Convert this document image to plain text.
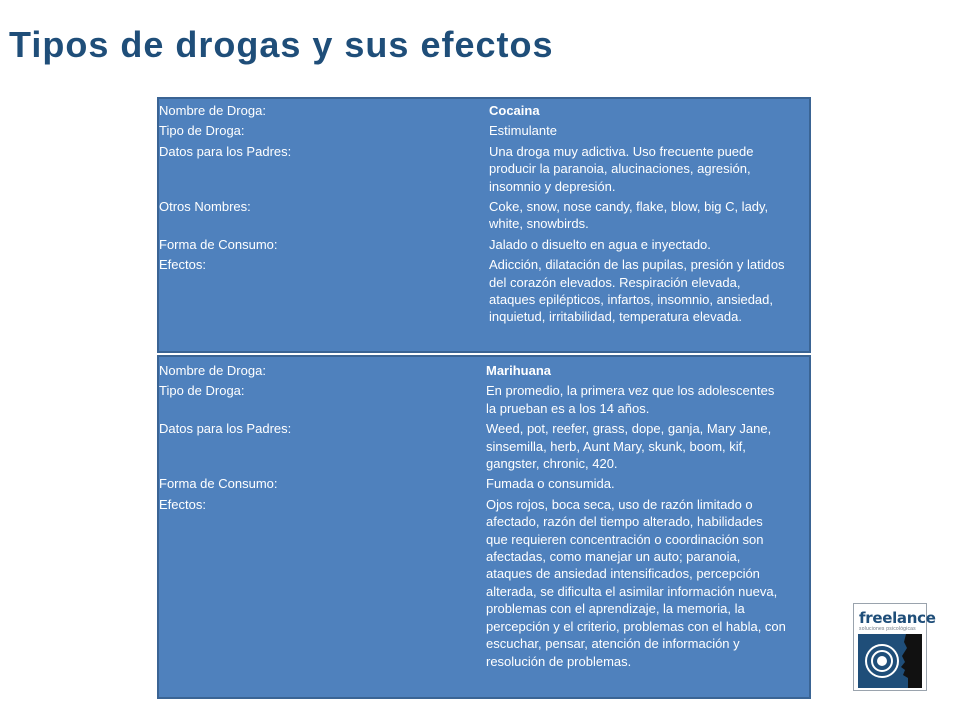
Tipos de drogas y sus efectos
Nombre de Droga:	Cocaina
Tipo de Droga:	Estimulante
Datos para los Padres:	Una droga muy adictiva. Uso frecuente puede producir la paranoia, alucinaciones, agresión, insomnio y depresión.
Otros Nombres:	Coke, snow, nose candy, flake, blow, big C, lady, white, snowbirds.
Forma de Consumo:	Jalado o disuelto en agua e inyectado.
Efectos:	Adicción, dilatación de las pupilas, presión y latidos del corazón elevados. Respiración elevada, ataques epilépticos, infartos, insomnio, ansiedad, inquietud, irritabilidad, temperatura elevada.
Nombre de Droga:	Marihuana
Tipo de Droga:	En promedio, la primera vez que los adolescentes la prueban es a los 14 años.
Datos para los Padres:	Weed, pot, reefer, grass, dope, ganja, Mary Jane, sinsemilla, herb, Aunt Mary, skunk, boom, kif, gangster, chronic, 420.
Forma de Consumo:	Fumada o consumida.
Efectos:	Ojos rojos, boca seca, uso de razón limitado o afectado, razón del tiempo alterado, habilidades que requieren concentración o coordinación son afectadas, como manejar un auto; paranoia, ataques de ansiedad intensificados, percepción alterada, se dificulta el asimilar información nueva, problemas con el aprendizaje, la memoria, la percepción y el criterio, problemas con el habla, con escuchar, pensar, atención de información y resolución de problemas.
freelance
soluciones psicológicas
